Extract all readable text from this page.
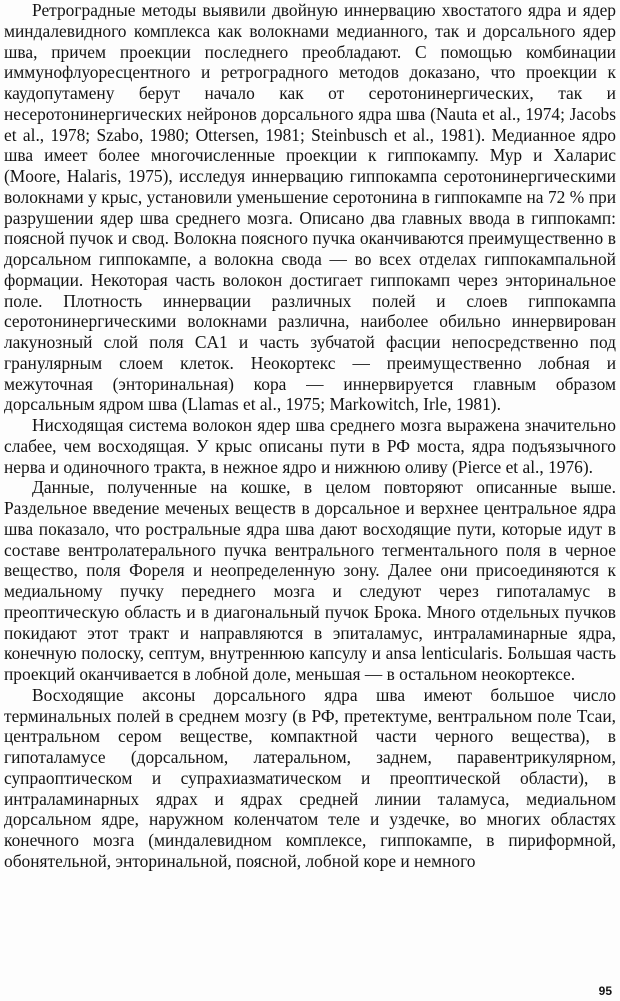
Ретроградные методы выявили двойную иннервацию хвостатого ядра и ядер миндалевидного комплекса как волокнами медианного, так и дорсального ядер шва, причем проекции последнего преобладают. С помощью комбинации иммунофлуоресцентного и ретроградного методов доказано, что проекции к каудопутамену берут начало как от серотонинергических, так и несеротонинергических нейронов дорсального ядра шва (Nauta et al., 1974; Jacobs et al., 1978; Szabo, 1980; Ottersen, 1981; Steinbusch et al., 1981). Медианное ядро шва имеет более многочисленные проекции к гиппокампу. Мур и Халарис (Moore, Halaris, 1975), исследуя иннервацию гиппокампа серотонинергическими волокнами у крыс, установили уменьшение серотонина в гиппокампе на 72 % при разрушении ядер шва среднего мозга. Описано два главных ввода в гиппокамп: поясной пучок и свод. Волокна поясного пучка оканчиваются преимущественно в дорсальном гиппокампе, а волокна свода — во всех отделах гиппокампальной формации. Некоторая часть волокон достигает гиппокамп через энторинальное поле. Плотность иннервации различных полей и слоев гиппокампа серотонинергическими волокнами различна, наиболее обильно иннервирован лакунозный слой поля CA1 и часть зубчатой фасции непосредственно под гранулярным слоем клеток. Неокортекс — преимущественно лобная и межуточная (энторинальная) кора — иннервируется главным образом дорсальным ядром шва (Llamas et al., 1975; Markowitch, Irle, 1981).

Нисходящая система волокон ядер шва среднего мозга выражена значительно слабее, чем восходящая. У крыс описаны пути в РФ моста, ядра подъязычного нерва и одиночного тракта, в нежное ядро и нижнюю оливу (Pierce et al., 1976).

Данные, полученные на кошке, в целом повторяют описанные выше. Раздельное введение меченых веществ в дорсальное и верхнее центральное ядра шва показало, что ростральные ядра шва дают восходящие пути, которые идут в составе вентролатерального пучка вентрального тегментального поля в черное вещество, поля Фореля и неопределенную зону. Далее они присоединяются к медиальному пучку переднего мозга и следуют через гипоталамус в преоптическую область и в диагональный пучок Брока. Много отдельных пучков покидают этот тракт и направляются в эпиталамус, интраламинарные ядра, конечную полоску, септум, внутреннюю капсулу и ansa lenticularis. Большая часть проекций оканчивается в лобной доле, меньшая — в остальном неокортексе.

Восходящие аксоны дорсального ядра шва имеют большое число терминальных полей в среднем мозгу (в РФ, претектуме, вентральном поле Тсаи, центральном сером веществе, компактной части черного вещества), в гипоталамусе (дорсальном, латеральном, заднем, паравентрикулярном, супраоптическом и супрахиазматическом и преоптической области), в интраламинарных ядрах и ядрах средней линии таламуса, медиальном дорсальном ядре, наружном коленчатом теле и уздечке, во многих областях конечного мозга (миндалевидном комплексе, гиппокампе, в пириформной, обонятельной, энторинальной, поясной, лобной коре и немного

95
